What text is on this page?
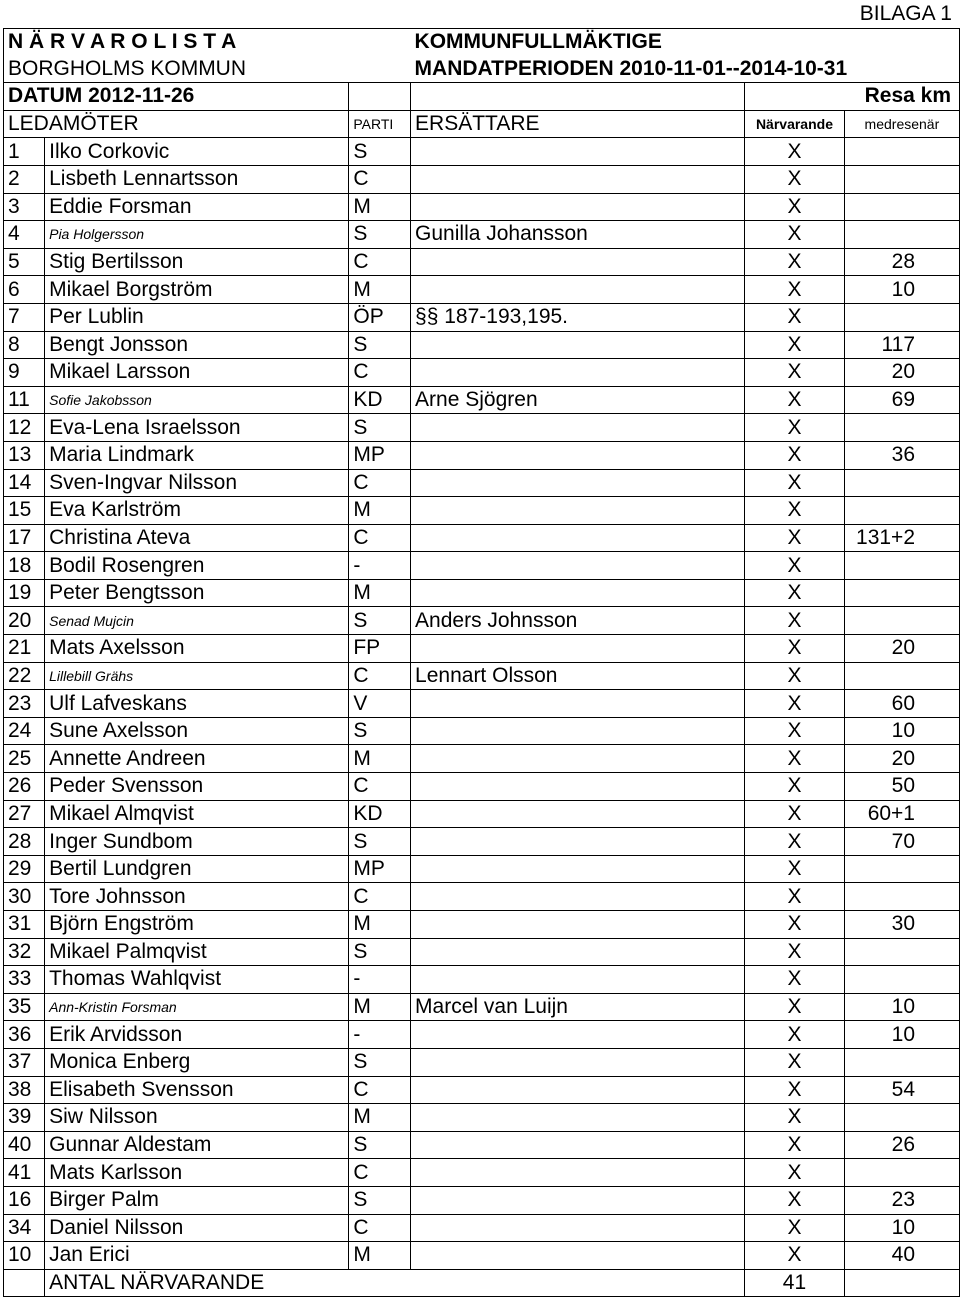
BILAGA 1
N Ä R V A R O L I S T A			KOMMUNFULLMÄKTIGE		
BORGHOLMS KOMMUN			MANDATPERIODEN 2010-11-01--2014-10-31		
DATUM 2012-11-26				Resa km	
LEDAMÖTER		PARTI	ERSÄTTARE	Närvarande	medresenär
1	Ilko Corkovic	S		X	
2	Lisbeth Lennartsson	C		X	
3	Eddie Forsman	M		X	
4	Pia Holgersson	S	Gunilla Johansson	X	
5	Stig Bertilsson	C		X	28
6	Mikael Borgström	M		X	10
7	Per Lublin	ÖP	§§ 187-193,195.	X	
8	Bengt Jonsson	S		X	117
9	Mikael Larsson	C		X	20
11	Sofie Jakobsson	KD	Arne Sjögren	X	69
12	Eva-Lena Israelsson	S		X	
13	Maria Lindmark	MP		X	36
14	Sven-Ingvar Nilsson	C		X	
15	Eva Karlström	M		X	
17	Christina Ateva	C		X	131+2
18	Bodil Rosengren	-		X	
19	Peter Bengtsson	M		X	
20	Senad Mujcin	S	Anders Johnsson	X	
21	Mats Axelsson	FP		X	20
22	Lillebill Grähs	C	Lennart Olsson	X	
23	Ulf Lafveskans	V		X	60
24	Sune Axelsson	S		X	10
25	Annette Andreen	M		X	20
26	Peder Svensson	C		X	50
27	Mikael Almqvist	KD		X	60+1
28	Inger Sundbom	S		X	70
29	Bertil Lundgren	MP		X	
30	Tore Johnsson	C		X	
31	Björn Engström	M		X	30
32	Mikael Palmqvist	S		X	
33	Thomas Wahlqvist	-		X	
35	Ann-Kristin Forsman	M	Marcel van Luijn	X	10
36	Erik Arvidsson	-		X	10
37	Monica Enberg	S		X	
38	Elisabeth Svensson	C		X	54
39	Siw Nilsson	M		X	
40	Gunnar Aldestam	S		X	26
41	Mats Karlsson	C		X	
16	Birger Palm	S		X	23
34	Daniel Nilsson	C		X	10
10	Jan Erici	M		X	40
	ANTAL NÄRVARANDE			41	
